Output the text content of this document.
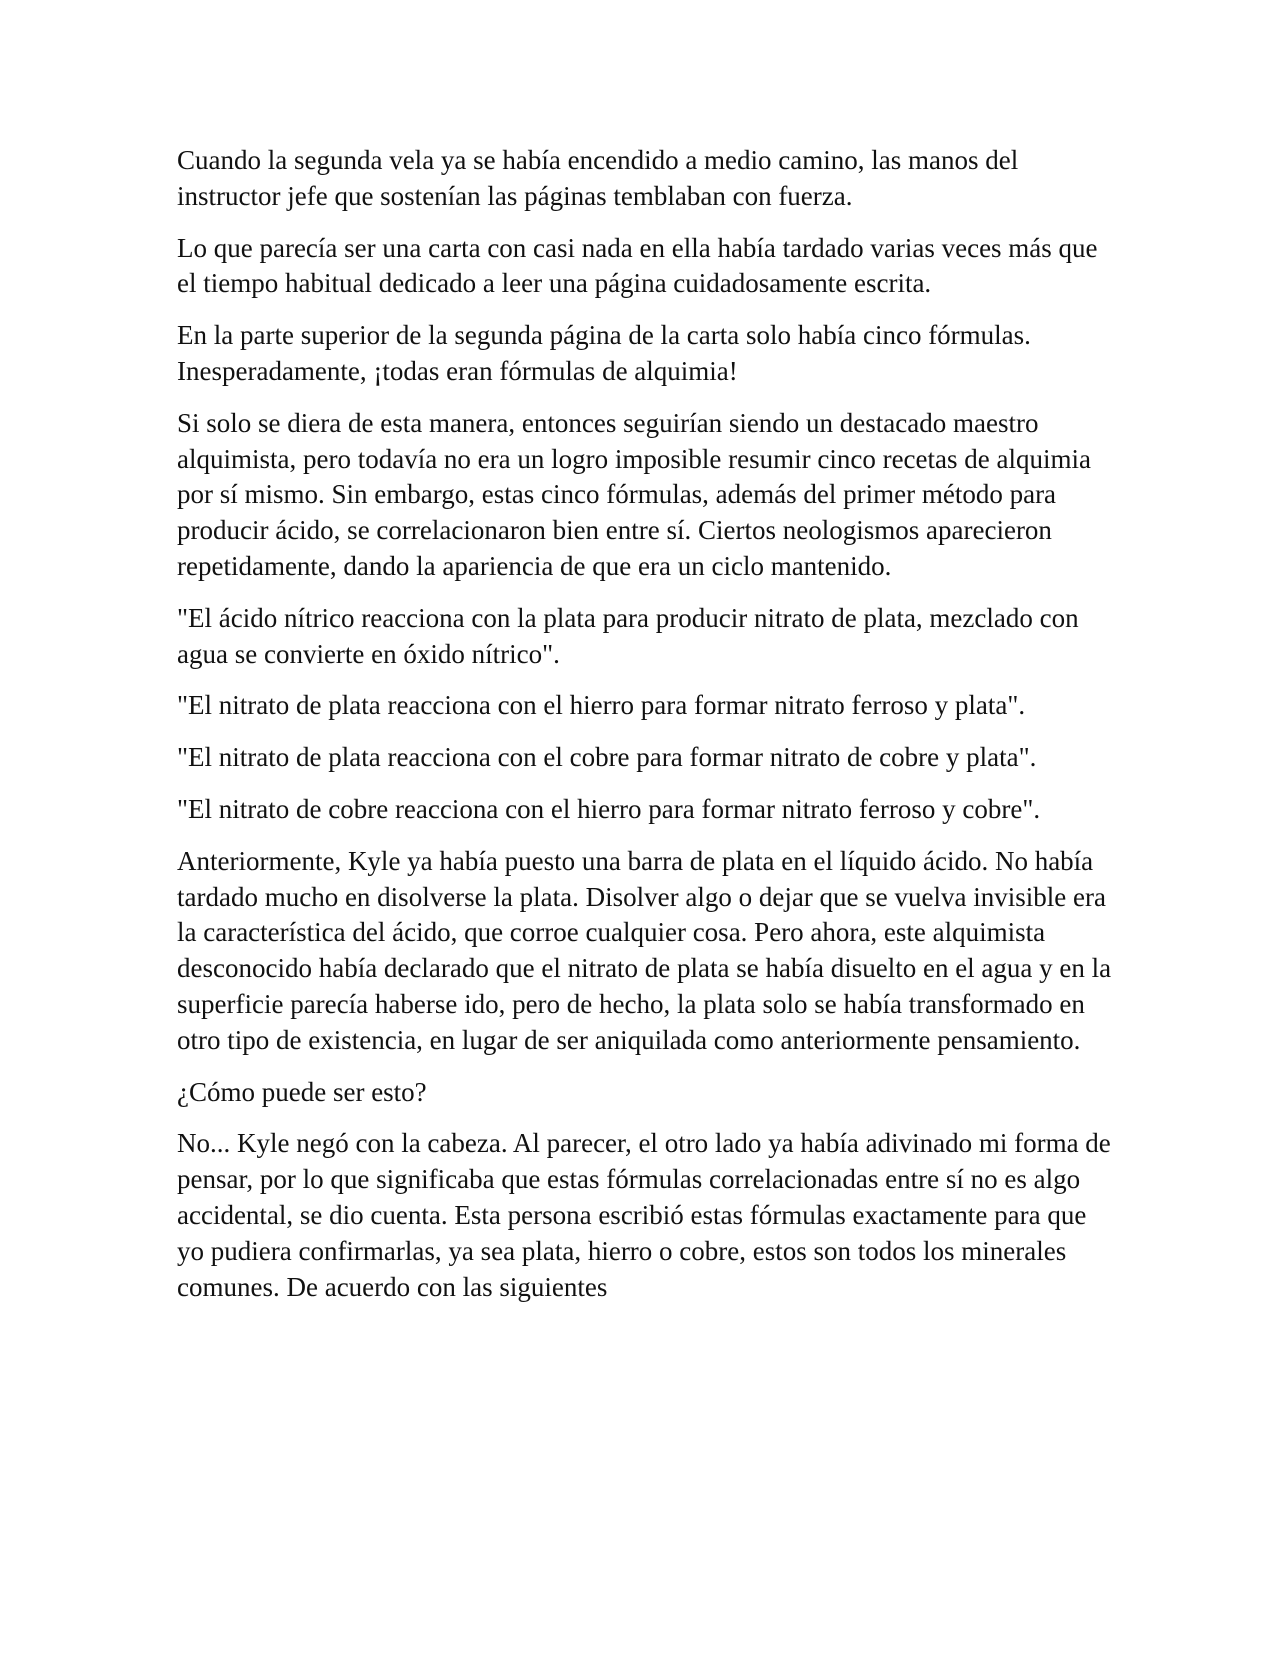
Cuando la segunda vela ya se había encendido a medio camino, las manos del instructor jefe que sostenían las páginas temblaban con fuerza.

Lo que parecía ser una carta con casi nada en ella había tardado varias veces más que el tiempo habitual dedicado a leer una página cuidadosamente escrita.

En la parte superior de la segunda página de la carta solo había cinco fórmulas. Inesperadamente, ¡todas eran fórmulas de alquimia!

Si solo se diera de esta manera, entonces seguirían siendo un destacado maestro alquimista, pero todavía no era un logro imposible resumir cinco recetas de alquimia por sí mismo. Sin embargo, estas cinco fórmulas, además del primer método para producir ácido, se correlacionaron bien entre sí. Ciertos neologismos aparecieron repetidamente, dando la apariencia de que era un ciclo mantenido.

"El ácido nítrico reacciona con la plata para producir nitrato de plata, mezclado con agua se convierte en óxido nítrico".

"El nitrato de plata reacciona con el hierro para formar nitrato ferroso y plata".

"El nitrato de plata reacciona con el cobre para formar nitrato de cobre y plata".

"El nitrato de cobre reacciona con el hierro para formar nitrato ferroso y cobre".

Anteriormente, Kyle ya había puesto una barra de plata en el líquido ácido. No había tardado mucho en disolverse la plata. Disolver algo o dejar que se vuelva invisible era la característica del ácido, que corroe cualquier cosa. Pero ahora, este alquimista desconocido había declarado que el nitrato de plata se había disuelto en el agua y en la superficie parecía haberse ido, pero de hecho, la plata solo se había transformado en otro tipo de existencia, en lugar de ser aniquilada como anteriormente pensamiento.

¿Cómo puede ser esto?

No... Kyle negó con la cabeza. Al parecer, el otro lado ya había adivinado mi forma de pensar, por lo que significaba que estas fórmulas correlacionadas entre sí no es algo accidental, se dio cuenta. Esta persona escribió estas fórmulas exactamente para que yo pudiera confirmarlas, ya sea plata, hierro o cobre, estos son todos los minerales comunes. De acuerdo con las siguientes
